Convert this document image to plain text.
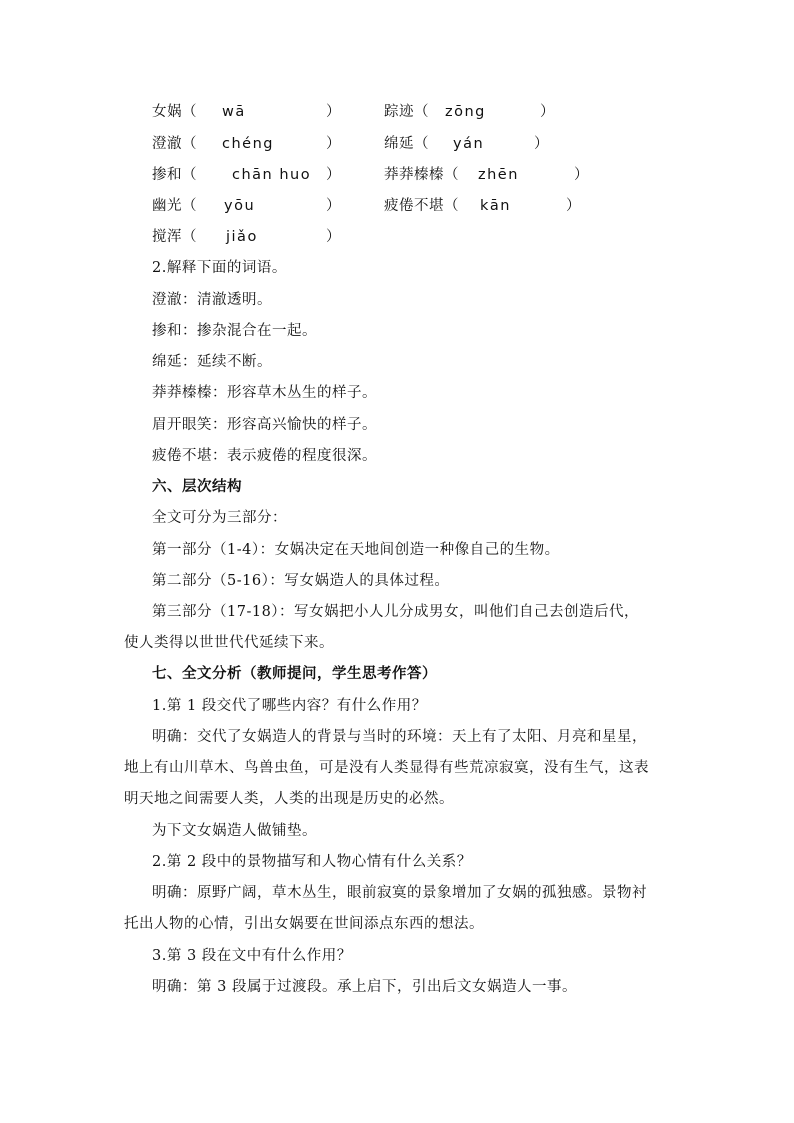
女娲（ wā	）	踪迹（ zōng	）
澄澈（ chéng	）	绵延（ yán	）
掺和（ chān huo ）	莽莽榛榛（ zhēn	）
幽光（ yōu	）	疲倦不堪（ kān	）
搅浑（ jiǎo	）
2.解释下面的词语。
澄澈：清澈透明。
掺和：掺杂混合在一起。
绵延：延续不断。
莽莽榛榛：形容草木丛生的样子。
眉开眼笑：形容高兴愉快的样子。
疲倦不堪：表示疲倦的程度很深。
六、层次结构
全文可分为三部分：
第一部分（1-4）：女娲决定在天地间创造一种像自己的生物。
第二部分（5-16）：写女娲造人的具体过程。
第三部分（17-18）：写女娲把小人儿分成男女，叫他们自己去创造后代，
使人类得以世世代代延续下来。
七、全文分析（教师提问，学生思考作答）
1.第 1 段交代了哪些内容？有什么作用？
明确：交代了女娲造人的背景与当时的环境：天上有了太阳、月亮和星星，
地上有山川草木、鸟兽虫鱼，可是没有人类显得有些荒凉寂寞，没有生气，这表
明天地之间需要人类，人类的出现是历史的必然。
为下文女娲造人做铺垫。
2.第 2 段中的景物描写和人物心情有什么关系？
明确：原野广阔，草木丛生，眼前寂寞的景象增加了女娲的孤独感。景物衬
托出人物的心情，引出女娲要在世间添点东西的想法。
3.第 3 段在文中有什么作用？
明确：第 3 段属于过渡段。承上启下，引出后文女娲造人一事。
